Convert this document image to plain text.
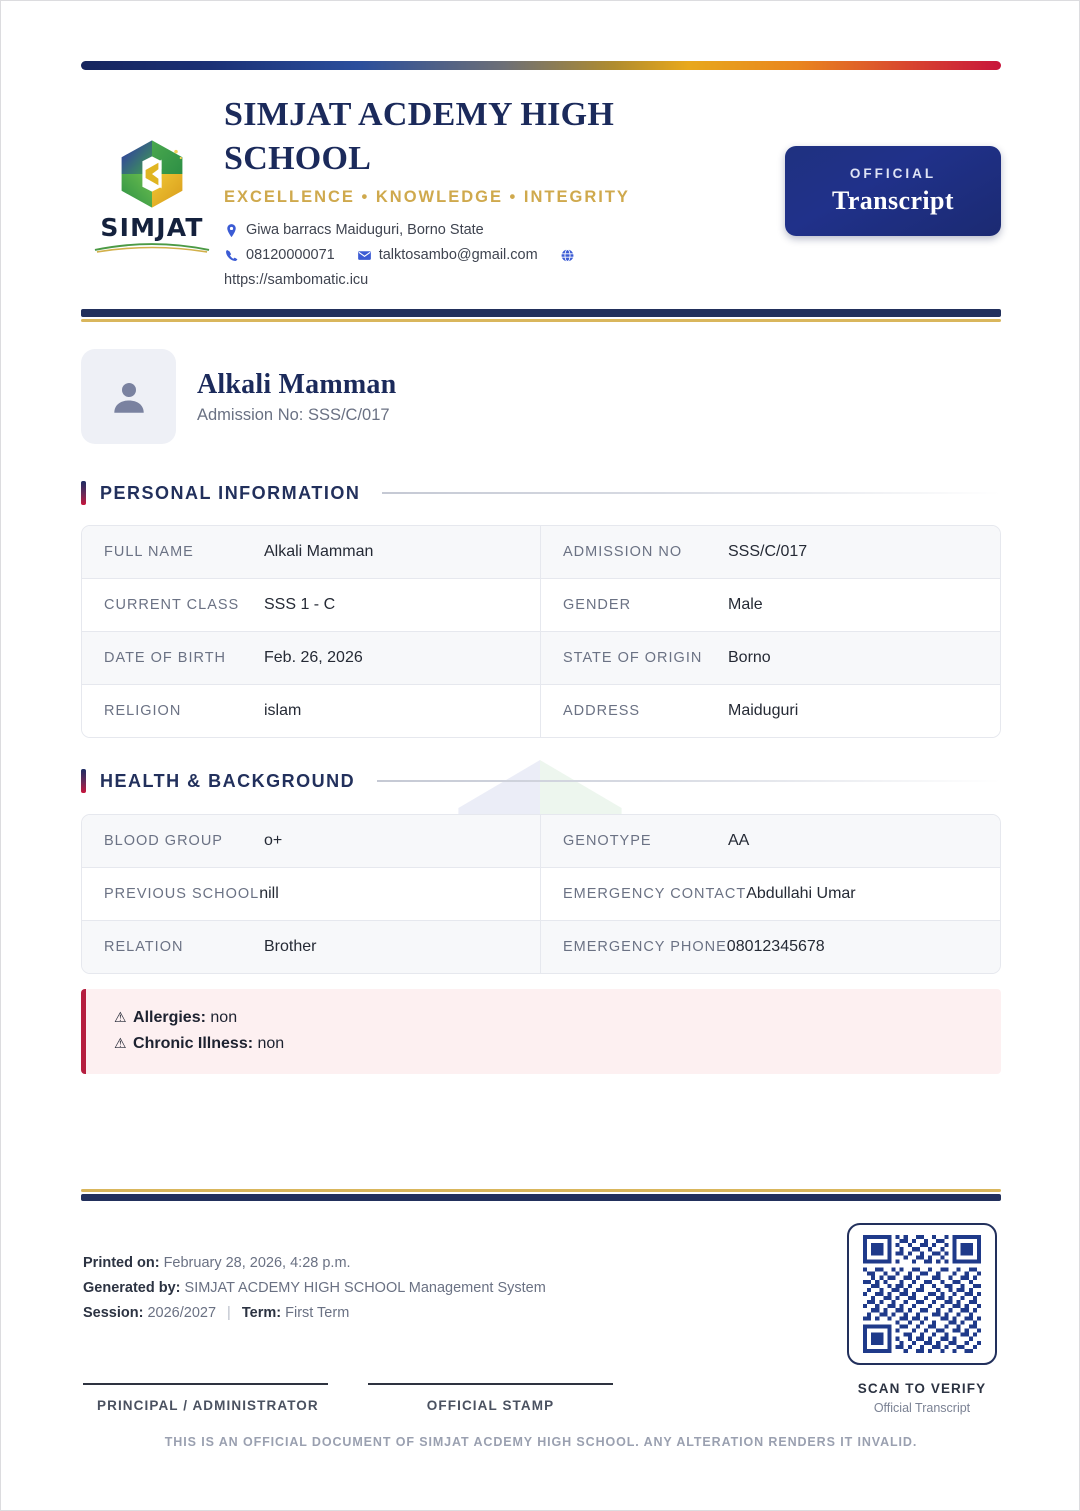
SIMJAT
SIMJAT ACDEMY HIGH SCHOOL
EXCELLENCE • KNOWLEDGE • INTEGRITY
Giwa barracs Maiduguri, Borno State
08120000071	talktosambo@gmail.com
https://sambomatic.icu
OFFICIAL
Transcript
Alkali Mamman
Admission No: SSS/C/017
PERSONAL INFORMATION
FULL NAME	Alkali Mamman	ADMISSION NO	SSS/C/017
CURRENT CLASS	SSS 1 - C	GENDER	Male
DATE OF BIRTH	Feb. 26, 2026	STATE OF ORIGIN	Borno
RELIGION	islam	ADDRESS	Maiduguri
HEALTH & BACKGROUND
BLOOD GROUP	o+	GENOTYPE	AA
PREVIOUS SCHOOL nill	EMERGENCY CONTACT Abdullahi Umar
RELATION	Brother	EMERGENCY PHONE 08012345678
⚠ Allergies: non
⚠ Chronic Illness: non
Printed on: February 28, 2026, 4:28 p.m.
Generated by: SIMJAT ACDEMY HIGH SCHOOL Management System
Session: 2026/2027 | Term: First Term
SCAN TO VERIFY
Official Transcript
PRINCIPAL / ADMINISTRATOR	OFFICIAL STAMP
THIS IS AN OFFICIAL DOCUMENT OF SIMJAT ACDEMY HIGH SCHOOL. ANY ALTERATION RENDERS IT INVALID.
